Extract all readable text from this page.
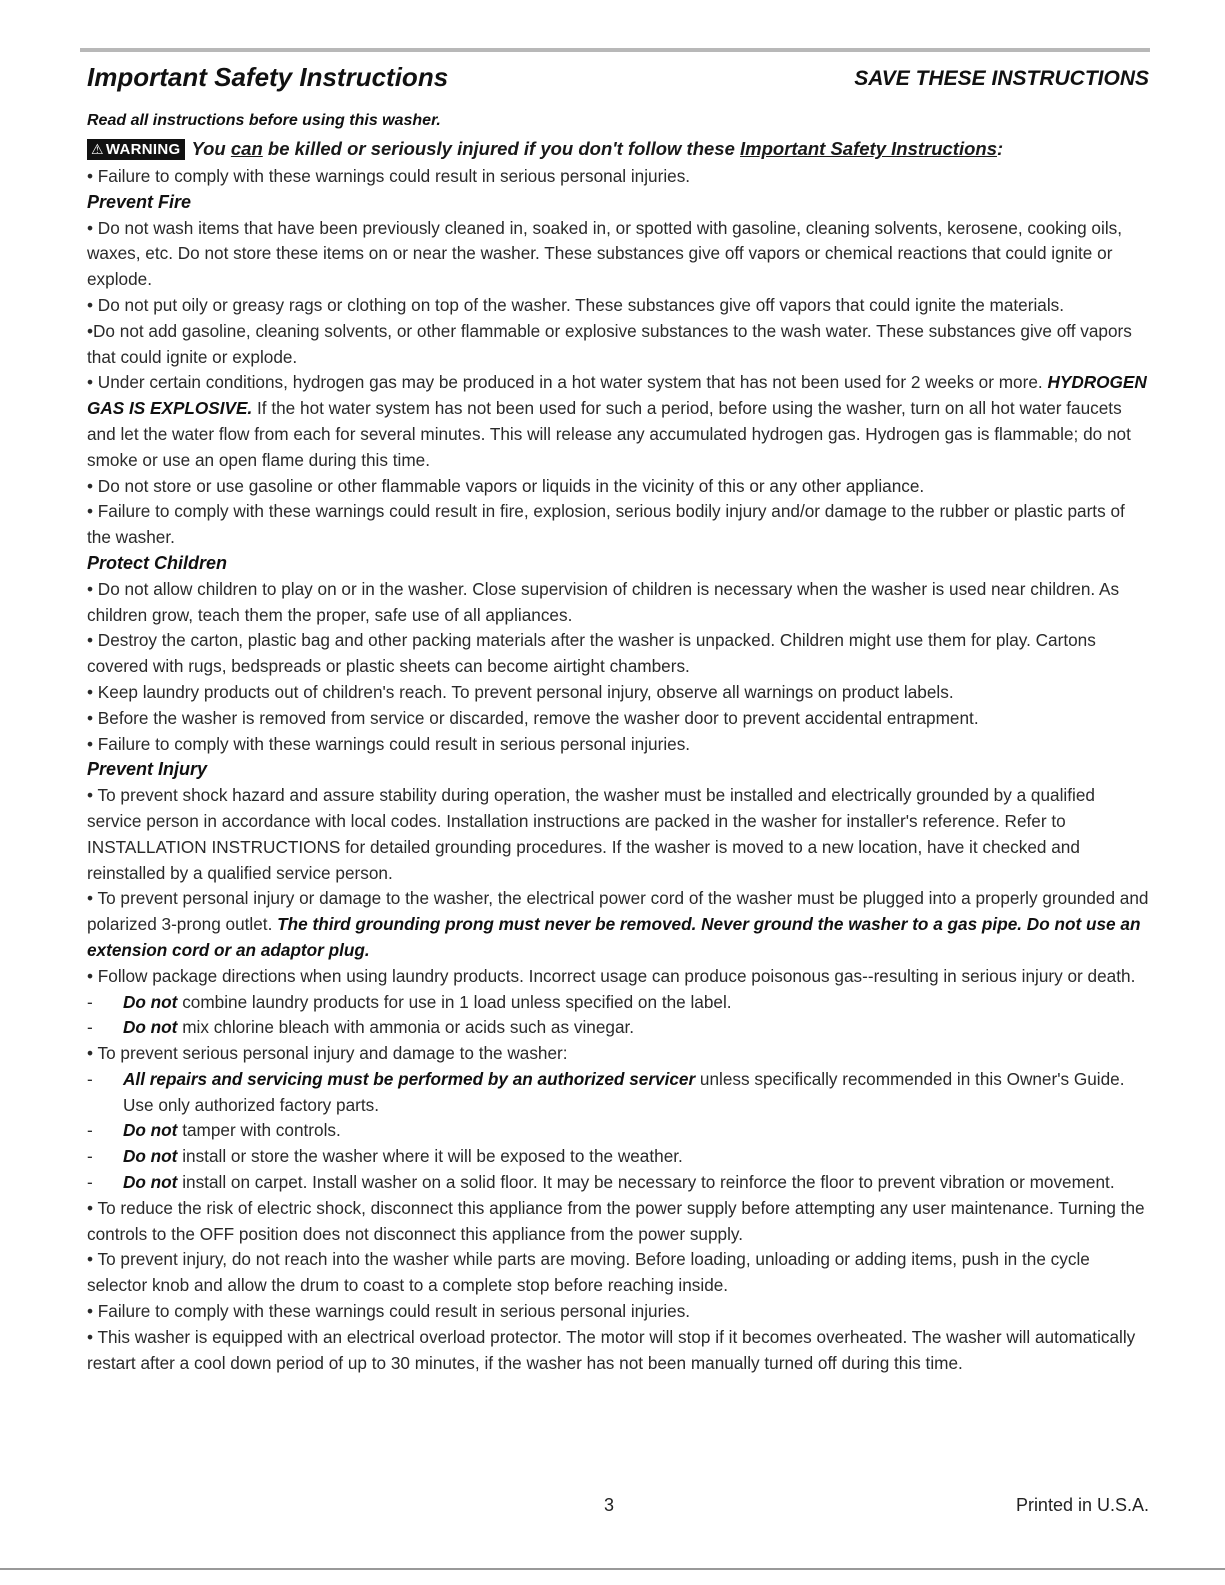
Important Safety Instructions	SAVE THESE INSTRUCTIONS
Read all instructions before using this washer.
⚠ WARNING You can be killed or seriously injured if you don't follow these Important Safety Instructions:

• Failure to comply with these warnings could result in serious personal injuries.

Prevent Fire

• Do not wash items that have been previously cleaned in, soaked in, or spotted with gasoline, cleaning solvents, kerosene, cooking oils, waxes, etc. Do not store these items on or near the washer. These substances give off vapors or chemical reactions that could ignite or explode.

• Do not put oily or greasy rags or clothing on top of the washer. These substances give off vapors that could ignite the materials.

•Do not add gasoline, cleaning solvents, or other flammable or explosive substances to the wash water. These substances give off vapors that could ignite or explode.

• Under certain conditions, hydrogen gas may be produced in a hot water system that has not been used for 2 weeks or more. HYDROGEN GAS IS EXPLOSIVE. If the hot water system has not been used for such a period, before using the washer, turn on all hot water faucets and let the water flow from each for several minutes. This will release any accumulated hydrogen gas. Hydrogen gas is flammable; do not smoke or use an open flame during this time.

• Do not store or use gasoline or other flammable vapors or liquids in the vicinity of this or any other appliance.

• Failure to comply with these warnings could result in fire, explosion, serious bodily injury and/or damage to the rubber or plastic parts of the washer.

Protect Children

• Do not allow children to play on or in the washer. Close supervision of children is necessary when the washer is used near children. As children grow, teach them the proper, safe use of all appliances.

• Destroy the carton, plastic bag and other packing materials after the washer is unpacked. Children might use them for play. Cartons covered with rugs, bedspreads or plastic sheets can become airtight chambers.

• Keep laundry products out of children's reach. To prevent personal injury, observe all warnings on product labels.

• Before the washer is removed from service or discarded, remove the washer door to prevent accidental entrapment.

• Failure to comply with these warnings could result in serious personal injuries.

Prevent Injury

• To prevent shock hazard and assure stability during operation, the washer must be installed and electrically grounded by a qualified service person in accordance with local codes. Installation instructions are packed in the washer for installer's reference. Refer to INSTALLATION INSTRUCTIONS for detailed grounding procedures. If the washer is moved to a new location, have it checked and reinstalled by a qualified service person.

• To prevent personal injury or damage to the washer, the electrical power cord of the washer must be plugged into a properly grounded and polarized 3-prong outlet. The third grounding prong must never be removed. Never ground the washer to a gas pipe. Do not use an extension cord or an adaptor plug.

• Follow package directions when using laundry products. Incorrect usage can produce poisonous gas--resulting in serious injury or death.

- Do not combine laundry products for use in 1 load unless specified on the label.

- Do not mix chlorine bleach with ammonia or acids such as vinegar.

• To prevent serious personal injury and damage to the washer:

- All repairs and servicing must be performed by an authorized servicer unless specifically recommended in this Owner's Guide. Use only authorized factory parts.

- Do not tamper with controls.

- Do not install or store the washer where it will be exposed to the weather.

- Do not install on carpet. Install washer on a solid floor. It may be necessary to reinforce the floor to prevent vibration or movement.

• To reduce the risk of electric shock, disconnect this appliance from the power supply before attempting any user maintenance. Turning the controls to the OFF position does not disconnect this appliance from the power supply.

• To prevent injury, do not reach into the washer while parts are moving. Before loading, unloading or adding items, push in the cycle selector knob and allow the drum to coast to a complete stop before reaching inside.

• Failure to comply with these warnings could result in serious personal injuries.

• This washer is equipped with an electrical overload protector. The motor will stop if it becomes overheated. The washer will automatically restart after a cool down period of up to 30 minutes, if the washer has not been manually turned off during this time.

3	Printed in U.S.A.
